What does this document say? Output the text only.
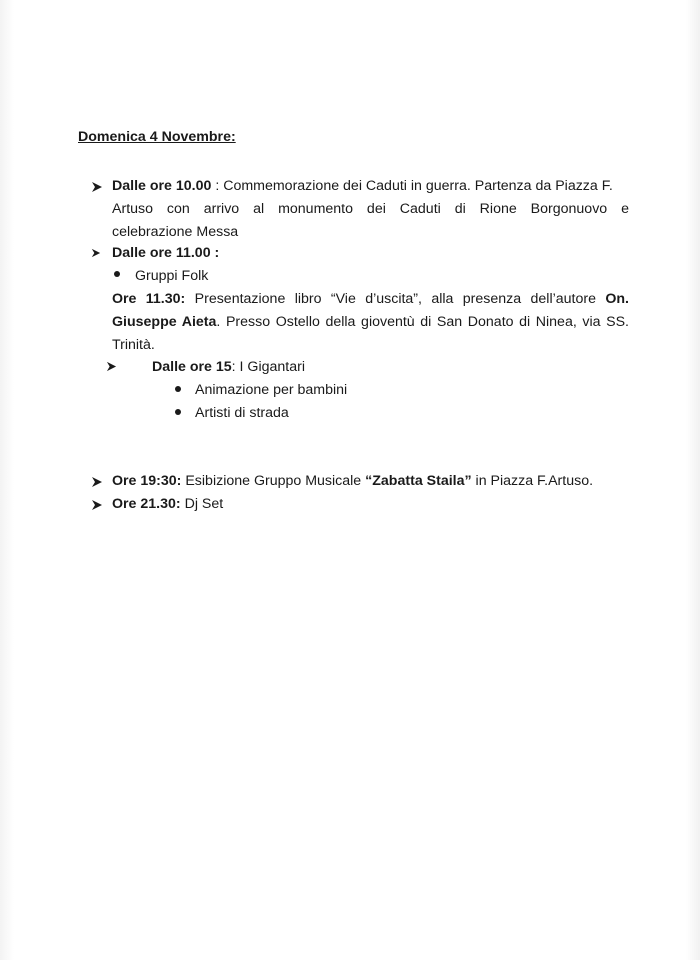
Domenica 4 Novembre:
Dalle ore 10.00 : Commemorazione dei Caduti in guerra. Partenza da Piazza F.
Artuso con arrivo al monumento dei Caduti di Rione Borgonuovo e
celebrazione Messa
Dalle ore 11.00 :
Gruppi Folk
Ore 11.30: Presentazione libro “Vie d’uscita”, alla presenza dell’autore On.
Giuseppe Aieta. Presso Ostello della gioventù di San Donato di Ninea, via SS.
Trinità.
Dalle ore 15: I Gigantari
Animazione per bambini
Artisti di strada
Ore 19:30: Esibizione Gruppo Musicale “Zabatta Staila” in Piazza F.Artuso.
Ore 21.30: Dj Set
